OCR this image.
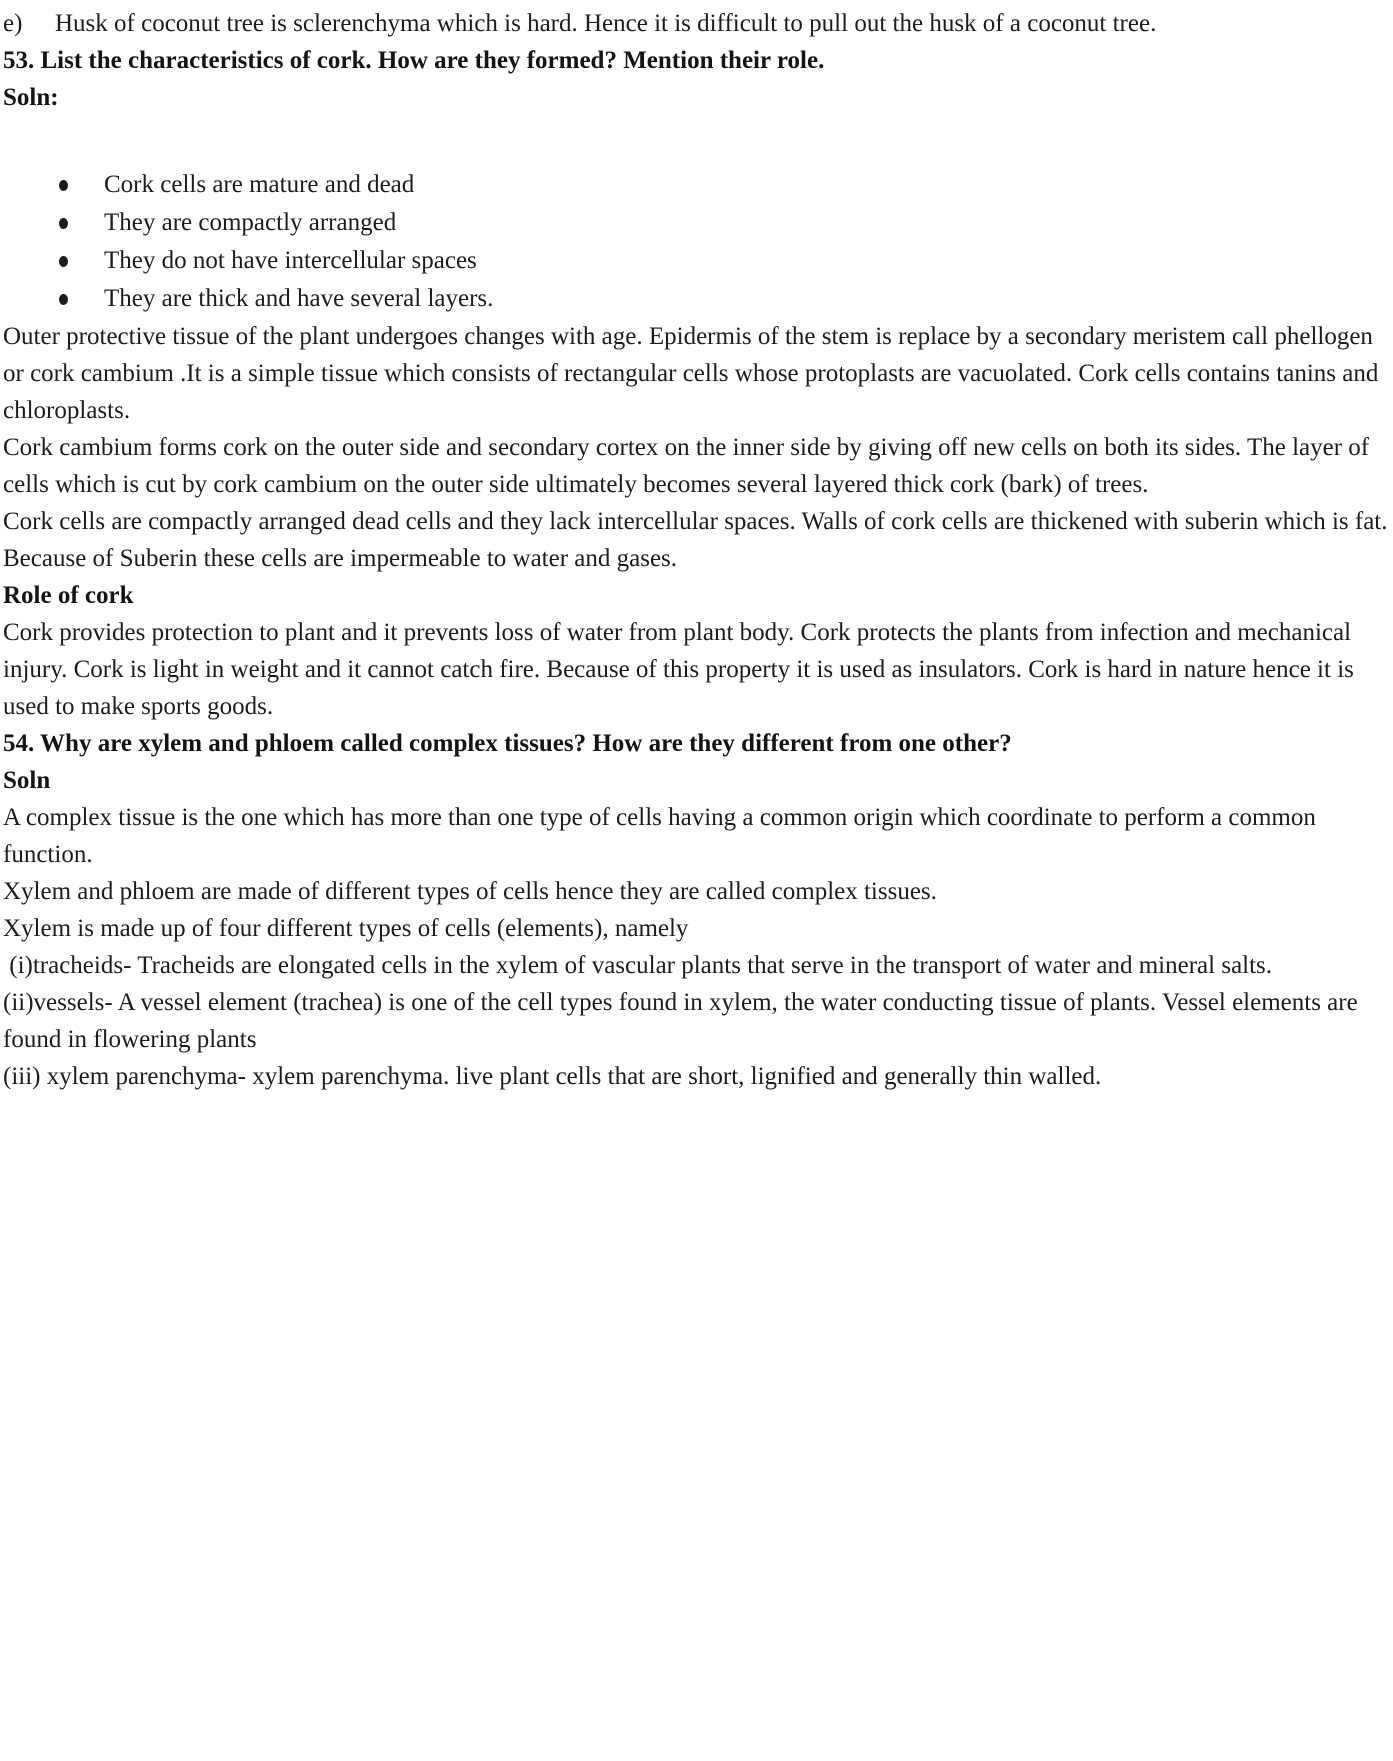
e)	Husk of coconut tree is sclerenchyma which is hard. Hence it is difficult to pull out the husk of a coconut tree.
53. List the characteristics of cork. How are they formed? Mention their role.

Soln:

Cork cells are mature and dead
They are compactly arranged
They do not have intercellular spaces
They are thick and have several layers.

Outer protective tissue of the plant undergoes changes with age. Epidermis of the stem is replace by a secondary meristem call phellogen or cork cambium .It is a simple tissue which consists of rectangular cells whose protoplasts are vacuolated. Cork cells contains tanins and chloroplasts.

Cork cambium forms cork on the outer side and secondary cortex on the inner side by giving off new cells on both its sides. The layer of cells which is cut by cork cambium on the outer side ultimately becomes several layered thick cork (bark) of trees.

Cork cells are compactly arranged dead cells and they lack intercellular spaces. Walls of cork cells are thickened with suberin which is fat. Because of Suberin these cells are impermeable to water and gases.

Role of cork

Cork provides protection to plant and it prevents loss of water from plant body. Cork protects the plants from infection and mechanical injury. Cork is light in weight and it cannot catch fire. Because of this property it is used as insulators. Cork is hard in nature hence it is used to make sports goods.

54. Why are xylem and phloem called complex tissues? How are they different from one other?

Soln

A complex tissue is the one which has more than one type of cells having a common origin which coordinate to perform a common function.

Xylem and phloem are made of different types of cells hence they are called complex tissues.
Xylem is made up of four different types of cells (elements), namely

(i)tracheids- Tracheids are elongated cells in the xylem of vascular plants that serve in the transport of water and mineral salts.

(ii)vessels- A vessel element (trachea) is one of the cell types found in xylem, the water conducting tissue of plants. Vessel elements are found in flowering plants

(iii) xylem parenchyma- xylem parenchyma. live plant cells that are short, lignified and generally thin walled.
